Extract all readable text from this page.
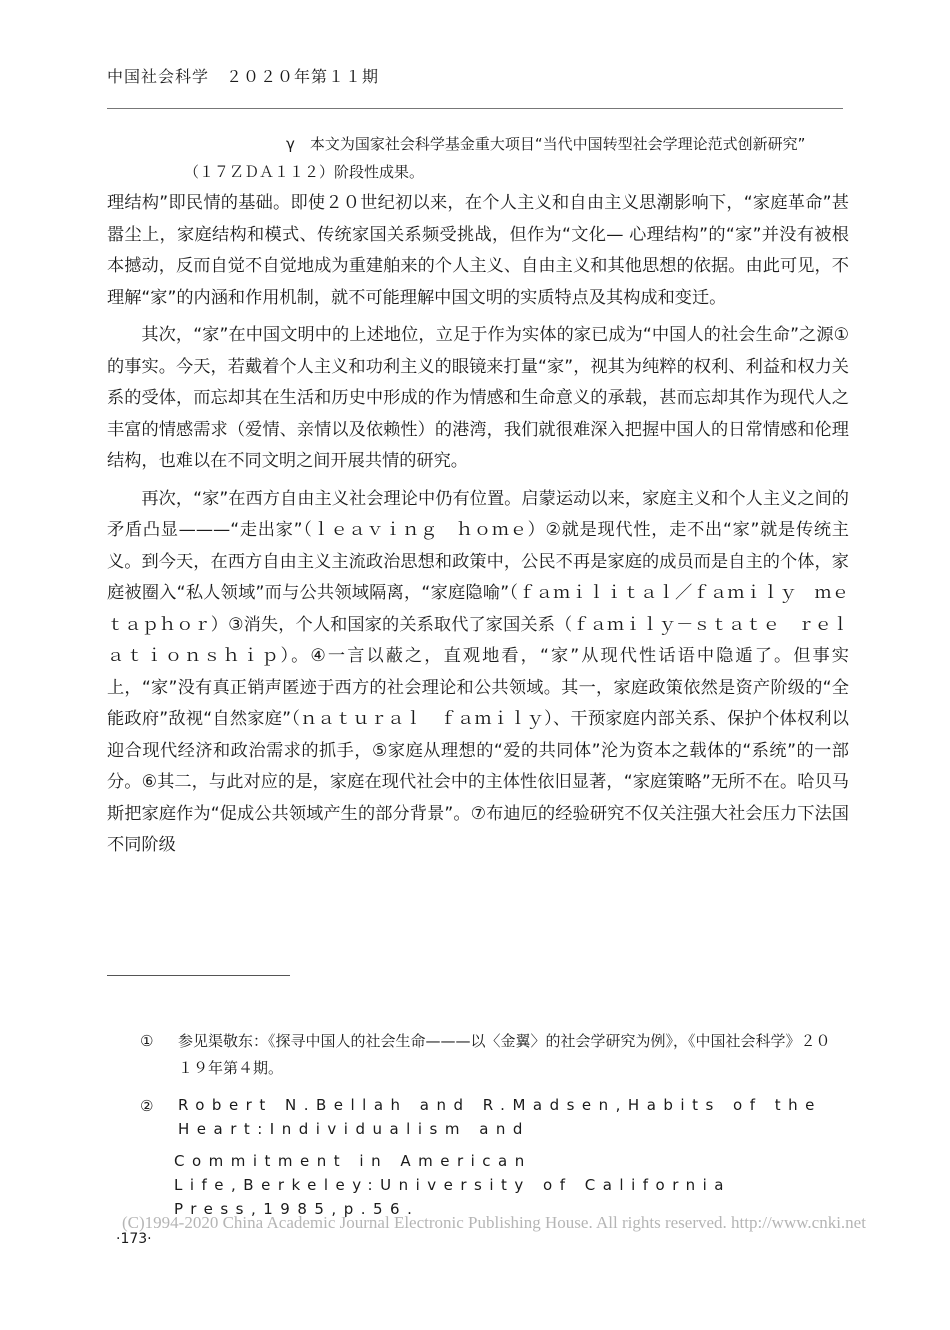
中国社会科学　２０２０年第１１期
γ　 本文为国家社会科学基金重大项目“当代中国转型社会学理论范式创新研究”
（１７ＺＤＡ１１２）阶段性成果。

理结构”即民情的基础。即使２０世纪初以来，在个人主义和自由主义思潮影响下，“家庭革命”甚嚣尘上，家庭结构和模式、传统家国关系频受挑战，但作为“文化— 心理结构”的“家”并没有被根本撼动，反而自觉不自觉地成为重建舶来的个人主义、自由主义和其他思想的依据。由此可见，不理解“家”的内涵和作用机制，就不可能理解中国文明的实质特点及其构成和变迁。

其次，“家”在中国文明中的上述地位，立足于作为实体的家已成为“中国人的社会生命”之源①的事实。今天，若戴着个人主义和功利主义的眼镜来打量“家”，视其为纯粹的权利、利益和权力关系的受体，而忘却其在生活和历史中形成的作为情感和生命意义的承载，甚而忘却其作为现代人之丰富的情感需求（爱情、亲情以及依赖性）的港湾，我们就很难深入把握中国人的日常情感和伦理结构，也难以在不同文明之间开展共情的研究。

再次，“家”在西方自由主义社会理论中仍有位置。启蒙运动以来，家庭主义和个人主义之间的矛盾凸显———“走出家”（ｌｅａｖｉｎｇ　ｈｏｍｅ）②就是现代性，走不出“家”就是传统主义。到今天，在西方自由主义主流政治思想和政策中，公民不再是家庭的成员而是自主的个体，家庭被圈入“私人领域”而与公共领域隔离，“家庭隐喻”（ｆａｍｉｌｉｔａｌ／ｆａｍｉｌｙ　ｍｅｔａｐｈｏｒ）③消失，个人和国家的关系取代了家国关系（ｆａｍｉｌｙ－ｓｔａｔｅ　ｒｅｌａｔｉｏｎｓｈｉｐ）。④一言以蔽之，直观地看，“家”从现代性话语中隐遁了。但事实上，“家”没有真正销声匿迹于西方的社会理论和公共领域。其一，家庭政策依然是资产阶级的“全能政府”敌视“自然家庭”（ｎａｔｕｒａｌ　ｆａｍｉｌｙ）、干预家庭内部关系、保护个体权利以迎合现代经济和政治需求的抓手，⑤家庭从理想的“爱的共同体”沦为资本之载体的“系统”的一部分。⑥其二，与此对应的是，家庭在现代社会中的主体性依旧显著，“家庭策略”无所不在。哈贝马斯把家庭作为“促成公共领域产生的部分背景”。⑦布迪厄的经验研究不仅关注强大社会压力下法国不同阶级

①	参见渠敬东：《探寻中国人的社会生命———以〈金翼〉的社会学研究为例》，《中国社会科学》２０１９年第４期。
②	Robert N.Bellah and R.Madsen,Habits of the Heart:Individualism and
Commitment in American Life,Berkeley:University of California Press,1985,p.56.
(C)1994-2020 China Academic Journal Electronic Publishing House. All rights reserved. http://www.cnki.net
·173·
